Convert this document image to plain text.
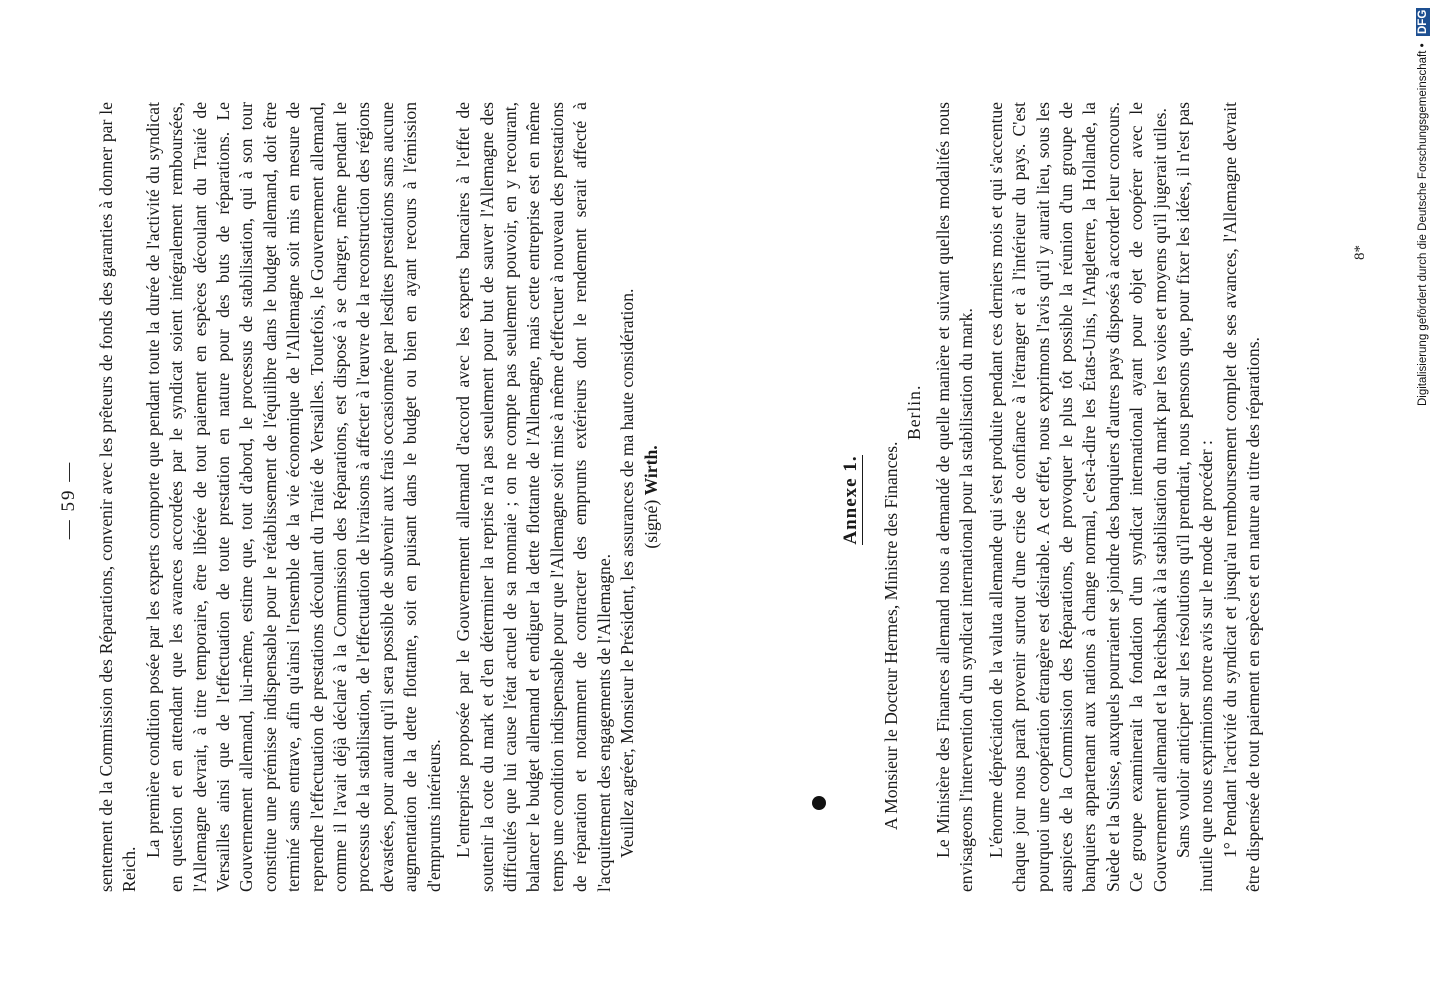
— 59 — sentement de la Commission des Réparations, convenir avec les prêteurs de fonds des garanties à donner par le Reich.

La première condition posée par les experts comporte que pendant toute la durée de l'activité du syndicat en question et en attendant que les avances accordées par le syndicat soient intégralement remboursées, l'Allemagne devrait, à titre temporaire, être libérée de tout paiement en espèces découlant du Traité de Versailles ainsi que de l'effectuation de toute prestation en nature pour des buts de réparations. Le Gouvernement allemand, lui-même, estime que, tout d'abord, le processus de stabilisation, qui à son tour constitue une prémisse indispensable pour le rétablissement de l'équilibre dans le budget allemand, doit être terminé sans entrave, afin qu'ainsi l'ensemble de la vie économique de l'Allemagne soit mis en mesure de reprendre l'effectuation de prestations découlant du Traité de Versailles. Toutefois, le Gouvernement allemand, comme il l'avait déjà déclaré à la Commission des Réparations, est disposé à se charger, même pendant le processus de la stabilisation, de l'effectuation de livraisons à affecter à l'œuvre de la reconstruction des régions devastées, pour autant qu'il sera possible de subvenir aux frais occasionnée par lesdites prestations sans aucune augmentation de la dette flottante, soit en puisant dans le budget ou bien en ayant recours à l'émission d'emprunts intérieurs. L'entreprise proposée par le Gouvernement allemand d'accord avec les experts bancaires à l'effet de soutenir la cote du mark et d'en déterminer la reprise n'a pas seulement pour but de sauver l'Allemagne des difficultés que lui cause l'état actuel de sa monnaie ; on ne compte pas seulement pouvoir, en y recourant, balancer le budget allemand et endiguer la dette flottante de l'Allemagne, mais cette entreprise est en même temps une condition indispensable pour que l'Allemagne soit mise à même d'effectuer à nouveau des prestations de réparation et notamment de contracter des emprunts extérieurs dont le rendement serait affecté à l'acquittement des engagements de l'Allemagne. Veuillez agréer, Monsieur le Président, les assurances de ma haute considération. (signé) Wirth.	Annexe 1. A Monsieur le Docteur Hermes, Ministre des Finances.
Berlin. Le Ministère des Finances allemand nous a demandé de quelle manière et suivant quelles modalités nous envisageons l'intervention d'un syndicat international pour la stabilisation du mark. L'énorme dépréciation de la valuta allemande qui s'est produite pendant ces derniers mois et qui s'accentue chaque jour nous paraît provenir surtout d'une crise de confiance à l'étranger et à l'intérieur du pays. C'est pourquoi une coopération étrangère est désirable. A cet effet, nous exprimons l'avis qu'il y aurait lieu, sous les auspices de la Commission des Réparations, de provoquer le plus tôt possible la réunion d'un groupe de banquiers appartenant aux nations à change normal, c'est-à-dire les États-Unis, l'Angleterre, la Hollande, la Suède et la Suisse, auxquels pourraient se joindre des banquiers d'autres pays disposés à accorder leur concours. Ce groupe examinerait la fondation d'un syndicat international ayant pour objet de coopérer avec le Gouvernement allemand et la Reichsbank à la stabilisation du mark par les voies et moyens qu'il jugerait utiles. Sans vouloir anticiper sur les résolutions qu'il prendrait, nous pensons que, pour fixer les idées, il n'est pas inutile que nous exprimions notre avis sur le mode de procéder : 1° Pendant l'activité du syndicat et jusqu'au remboursement complet de ses avances, l'Allemagne devrait être dispensée de tout paiement en espèces et en nature au titre des réparations.

8*	Digitalisierung gefördert durch die Deutsche Forschungsgemeinschaft • DFG
